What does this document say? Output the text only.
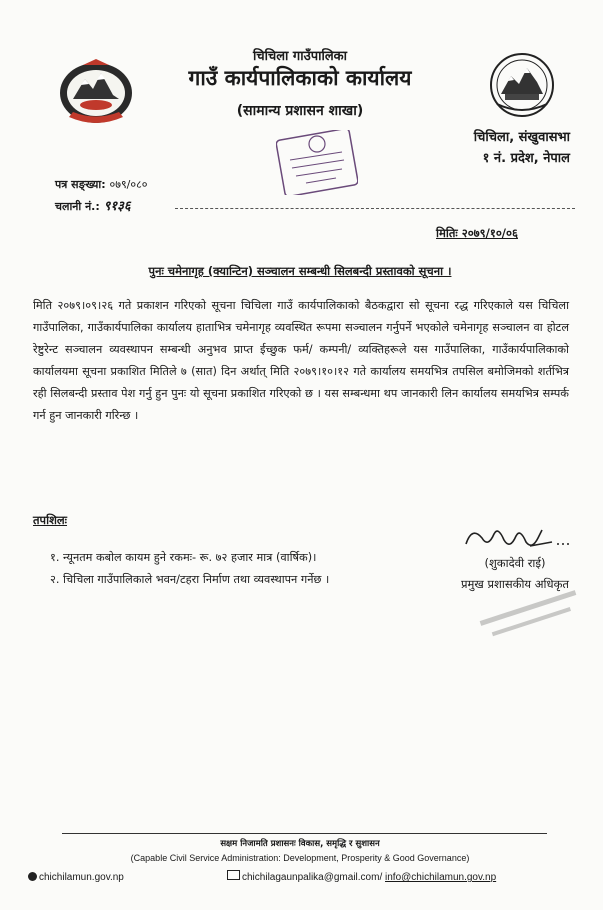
चिचिला गाउँपालिका
गाउँ कार्यपालिकाको कार्यालय
(सामान्य प्रशासन शाखा)
चिचिला, संखुवासभा
१ नं. प्रदेश, नेपाल
पत्र सङ्ख्या: ०७९/०८०
चलानी नं.: ९१३६
मितिः २०७९/१०/०६
पुनः चमेनागृह (क्यान्टिन) सञ्चालन सम्बन्धी सिलबन्दी प्रस्तावको सूचना ।
मिति २०७९।०९।२६ गते प्रकाशन गरिएको सूचना चिचिला गाउँ कार्यपालिकाको बैठकद्वारा सो सूचना रद्ध गरिएकाले यस चिचिला गाउँपालिका, गाउँकार्यपालिका कार्यालय हाताभित्र चमेनागृह व्यवस्थित रूपमा सञ्चालन गर्नुपर्ने भएकोले चमेनागृह सञ्चालन वा होटल रेष्टुरेन्ट सञ्चालन व्यवस्थापन सम्बन्धी अनुभव प्राप्त ईच्छुक फर्म/ कम्पनी/ व्यक्तिहरूले यस गाउँपालिका, गाउँकार्यपालिकाको कार्यालयमा सूचना प्रकाशित मितिले ७ (सात) दिन अर्थात् मिति २०७९।१०।१२ गते कार्यालय समयभित्र तपसिल बमोजिमको शर्तभित्र रही सिलबन्दी प्रस्ताव पेश गर्नु हुन पुनः यो सूचना प्रकाशित गरिएको छ । यस सम्बन्धमा थप जानकारी लिन कार्यालय समयभित्र सम्पर्क गर्न हुन जानकारी गरिन्छ ।
तपशिलः
१. न्यूनतम कबोल कायम हुने रकमः- रू. ७२ हजार मात्र (वार्षिक)।
२. चिचिला गाउँपालिकाले भवन/टहरा निर्माण तथा व्यवस्थापन गर्नेछ ।
(शुकादेवी राई)
प्रमुख प्रशासकीय अधिकृत
सक्षम निजामति प्रशासनः विकास, समृद्धि र सुशासन
(Capable Civil Service Administration: Development, Prosperity & Good Governance)
chichilamun.gov.np	chichilagaunpalika@gmail.com/ info@chichilamun.gov.np
